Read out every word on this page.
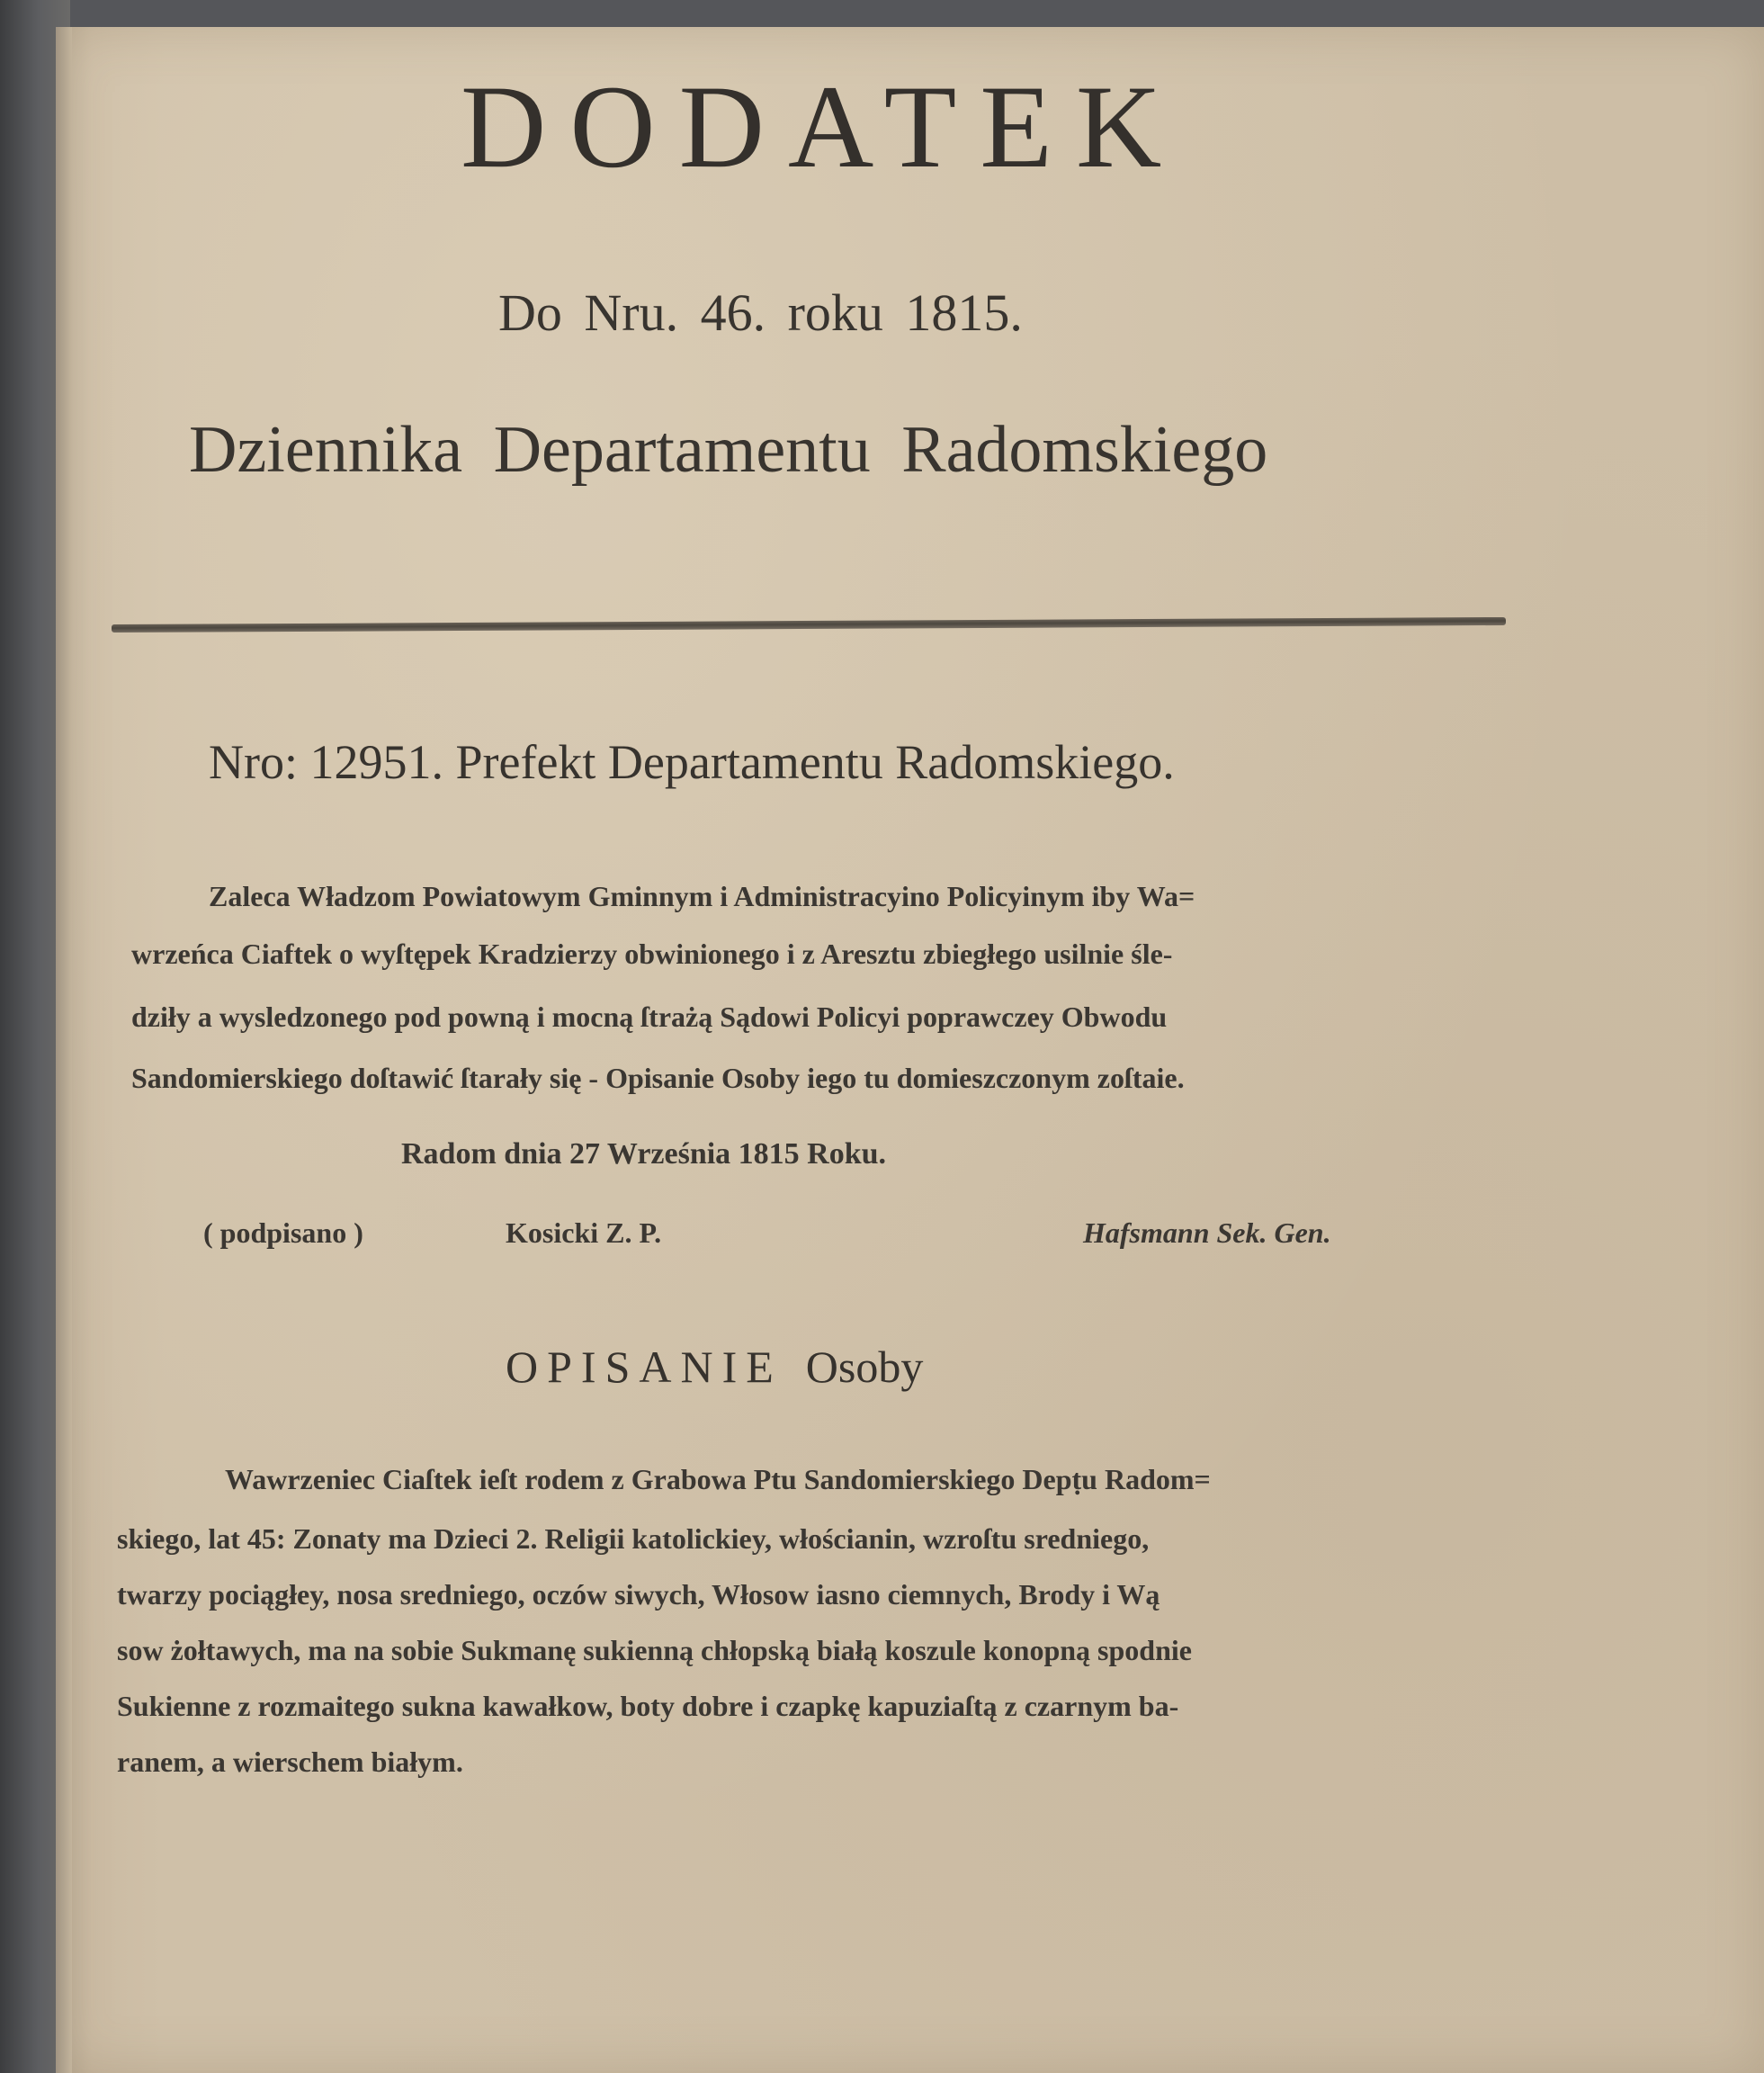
DODATEK
Do Nru. 46. roku 1815.
Dziennika Departamentu Radomskiego
Nro: 12951. Prefekt Departamentu Radomskiego.
Zaleca Władzom Powiatowym Gminnym i Administracyino Policyinym iby Wa=
wrzeńca Ciaftek o wyſtępek Kradzierzy obwinionego i z Aresztu zbiegłego usilnie śle-
dziły a wysledzonego pod powną i mocną ſtrażą Sądowi Policyi poprawczey Obwodu
Sandomierskiego doſtawić ſtarały się - Opisanie Osoby iego tu domieszczonym zoſtaie.
Radom dnia 27 Września 1815 Roku.
( podpisano )	Kosicki Z. P.	Hafsmann Sek. Gen.
OPISANIE Osoby
Wawrzeniec Ciaſtek ieſt rodem z Grabowa Ptu Sandomierskiego Depṭu Radom=
skiego, lat 45: Zonaty ma Dzieci 2. Religii katolickiey, włościanin, wzroſtu sredniego,
twarzy pociągłey, nosa sredniego, oczów siwych, Włosow iasno ciemnych, Brody i Wą
sow żołtawych, ma na sobie Sukmanę sukienną chłopską białą koszule konopną spodnie
Sukienne z rozmaitego sukna kawałkow, boty dobre i czapkę kapuziaſtą z czarnym ba-
ranem, a wierschem białym.
